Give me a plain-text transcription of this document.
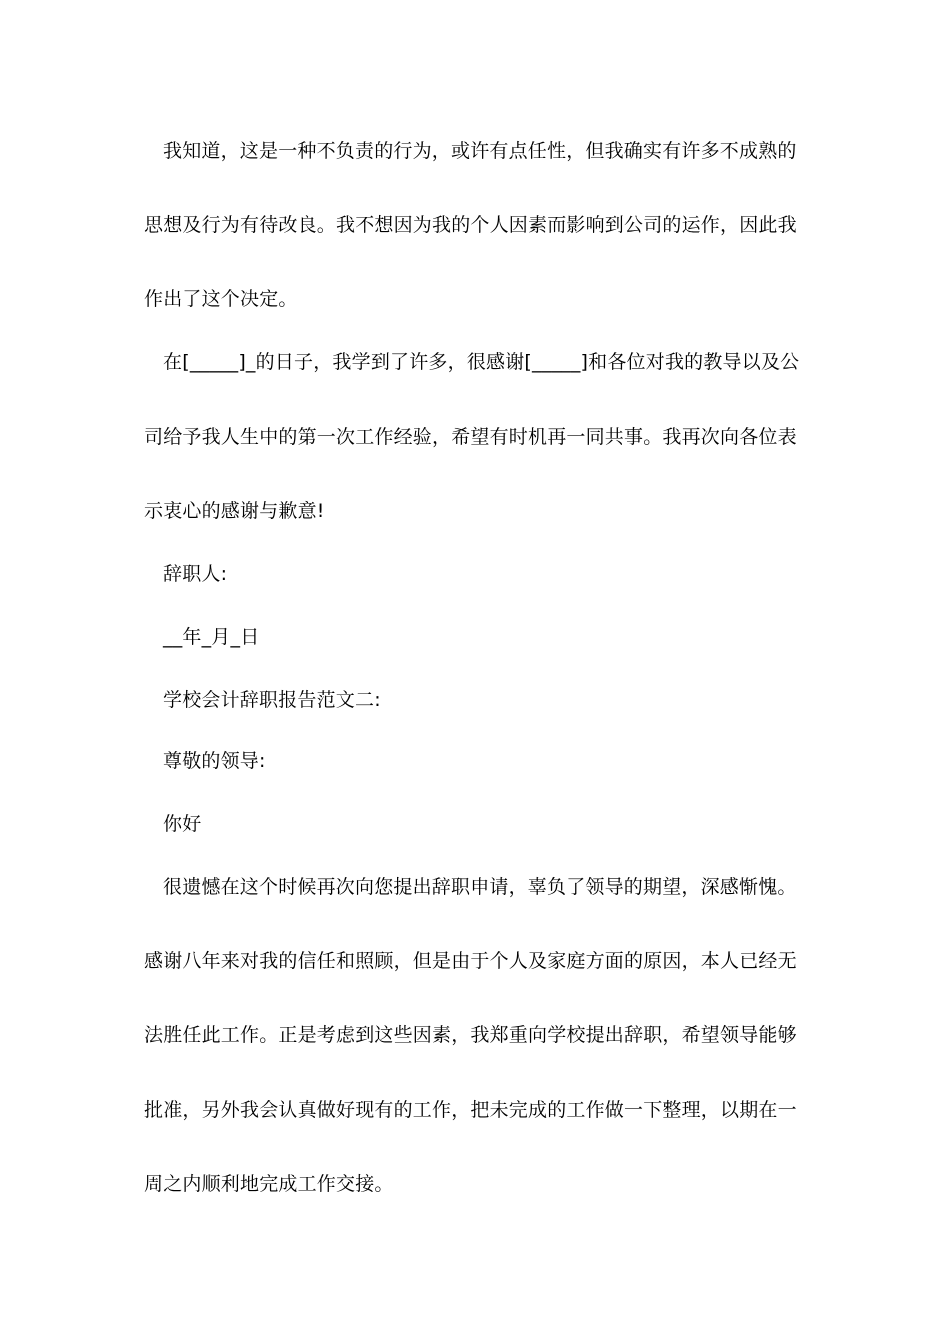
我知道，这是一种不负责的行为，或许有点任性，但我确实有许多不成熟的
思想及行为有待改良。我不想因为我的个人因素而影响到公司的运作，因此我
作出了这个决定。
在[_____]_的日子，我学到了许多，很感谢[_____]和各位对我的教导以及公
司给予我人生中的第一次工作经验，希望有时机再一同共事。我再次向各位表
示衷心的感谢与歉意!
辞职人:
__年_月_日
学校会计辞职报告范文二:
尊敬的领导:
你好
很遗憾在这个时候再次向您提出辞职申请，辜负了领导的期望，深感惭愧。
感谢八年来对我的信任和照顾，但是由于个人及家庭方面的原因，本人已经无
法胜任此工作。正是考虑到这些因素，我郑重向学校提出辞职，希望领导能够
批准，另外我会认真做好现有的工作，把未完成的工作做一下整理，以期在一
周之内顺利地完成工作交接。
